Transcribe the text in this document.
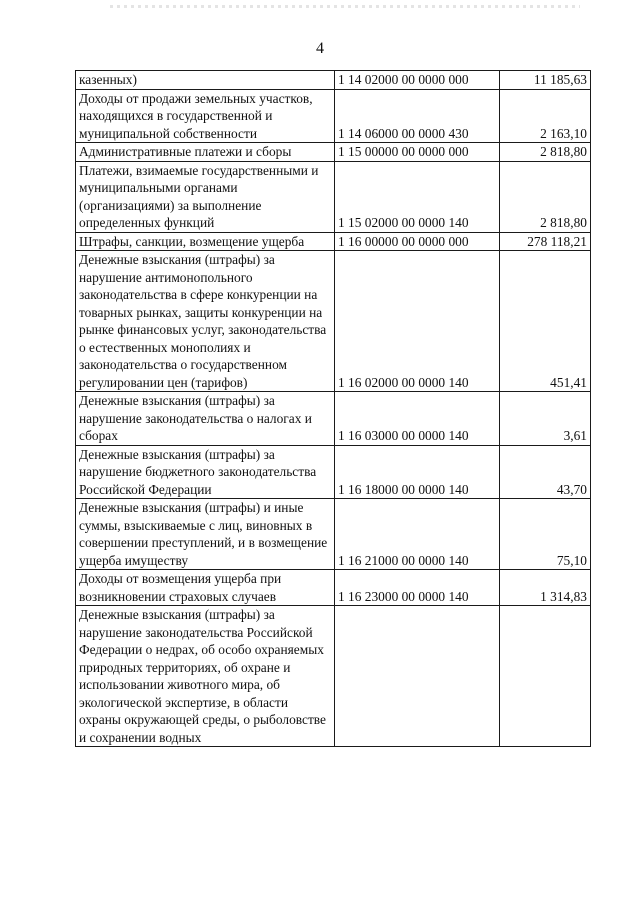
4
казенных)	1 14 02000 00 0000 000	11 185,63
Доходы от продажи земельных участков, находящихся в государственной и муниципальной собственности	1 14 06000 00 0000 430	2 163,10
Административные платежи и сборы	1 15 00000 00 0000 000	2 818,80
Платежи, взимаемые государственными и муниципальными органами (организациями) за выполнение определенных функций	1 15 02000 00 0000 140	2 818,80
Штрафы, санкции, возмещение ущерба	1 16 00000 00 0000 000	278 118,21
Денежные взыскания (штрафы) за нарушение антимонопольного законодательства в сфере конкуренции на товарных рынках, защиты конкуренции на рынке финансовых услуг, законодательства о естественных монополиях и законодательства о государственном регулировании цен (тарифов)	1 16 02000 00 0000 140	451,41
Денежные взыскания (штрафы) за нарушение законодательства о налогах и сборах	1 16 03000 00 0000 140	3,61
Денежные взыскания (штрафы) за нарушение бюджетного законодательства Российской Федерации	1 16 18000 00 0000 140	43,70
Денежные взыскания (штрафы) и иные суммы, взыскиваемые с лиц, виновных в совершении преступлений, и в возмещение ущерба имуществу	1 16 21000 00 0000 140	75,10
Доходы от возмещения ущерба при возникновении страховых случаев	1 16 23000 00 0000 140	1 314,83
Денежные взыскания (штрафы) за нарушение законодательства Российской Федерации о недрах, об особо охраняемых природных территориях, об охране и использовании животного мира, об экологической экспертизе, в области охраны окружающей среды, о рыболовстве и сохранении водных		
